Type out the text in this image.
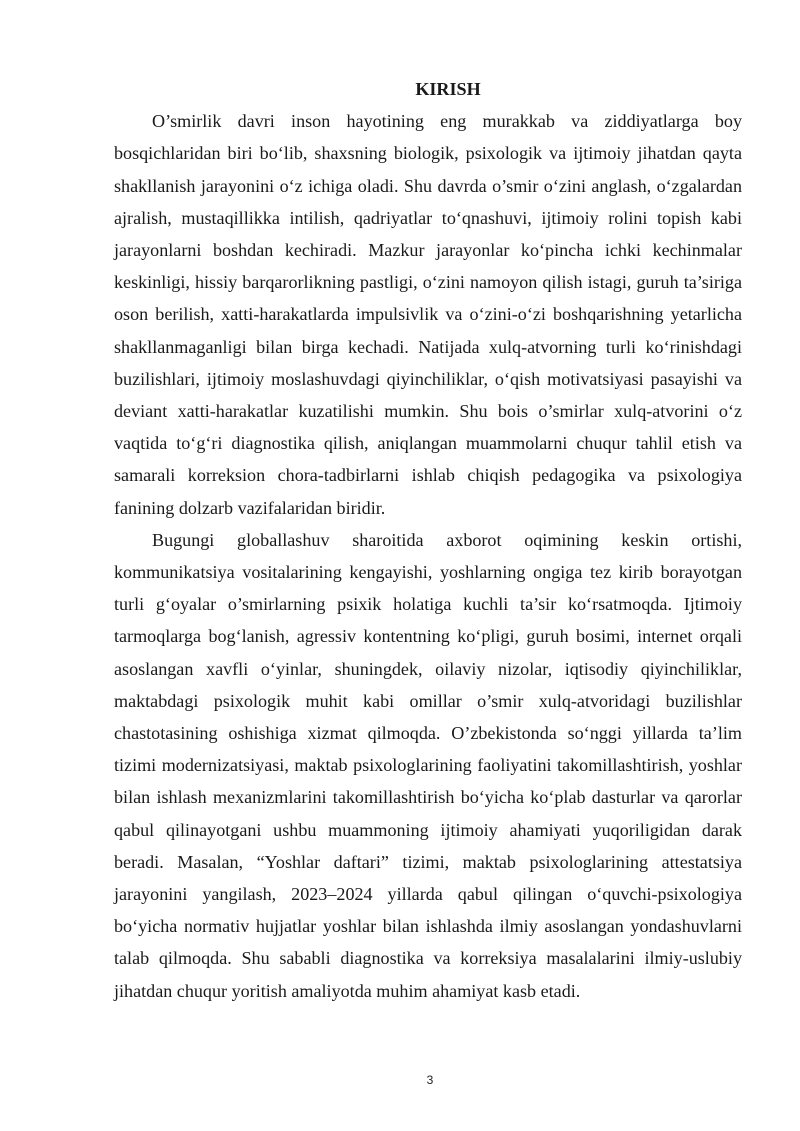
KIRISH

O’smirlik davri inson hayotining eng murakkab va ziddiyatlarga boy bosqichlaridan biri bo‘lib, shaxsning biologik, psixologik va ijtimoiy jihatdan qayta shakllanish jarayonini o‘z ichiga oladi. Shu davrda o’smir o‘zini anglash, o‘zgalardan ajralish, mustaqillikka intilish, qadriyatlar to‘qnashuvi, ijtimoiy rolini topish kabi jarayonlarni boshdan kechiradi. Mazkur jarayonlar ko‘pincha ichki kechinmalar keskinligi, hissiy barqarorlikning pastligi, o‘zini namoyon qilish istagi, guruh ta’siriga oson berilish, xatti-harakatlarda impulsivlik va o‘zini-o‘zi boshqarishning yetarlicha shakllanmaganligi bilan birga kechadi. Natijada xulq-atvorning turli ko‘rinishdagi buzilishlari, ijtimoiy moslashuvdagi qiyinchiliklar, o‘qish motivatsiyasi pasayishi va deviant xatti-harakatlar kuzatilishi mumkin. Shu bois o’smirlar xulq-atvorini o‘z vaqtida to‘g‘ri diagnostika qilish, aniqlangan muammolarni chuqur tahlil etish va samarali korreksion chora-tadbirlarni ishlab chiqish pedagogika va psixologiya fanining dolzarb vazifalaridan biridir.

Bugungi globallashuv sharoitida axborot oqimining keskin ortishi, kommunikatsiya vositalarining kengayishi, yoshlarning ongiga tez kirib borayotgan turli g‘oyalar o’smirlarning psixik holatiga kuchli ta’sir ko‘rsatmoqda. Ijtimoiy tarmoqlarga bog‘lanish, agressiv kontentning ko‘pligi, guruh bosimi, internet orqali asoslangan xavfli o‘yinlar, shuningdek, oilaviy nizolar, iqtisodiy qiyinchiliklar, maktabdagi psixologik muhit kabi omillar o’smir xulq-atvoridagi buzilishlar chastotasining oshishiga xizmat qilmoqda. O’zbekistonda so‘nggi yillarda ta’lim tizimi modernizatsiyasi, maktab psixologlarining faoliyatini takomillashtirish, yoshlar bilan ishlash mexanizmlarini takomillashtirish bo‘yicha ko‘plab dasturlar va qarorlar qabul qilinayotgani ushbu muammoning ijtimoiy ahamiyati yuqoriligidan darak beradi. Masalan, “Yoshlar daftari” tizimi, maktab psixologlarining attestatsiya jarayonini yangilash, 2023–2024 yillarda qabul qilingan o‘quvchi-psixologiya bo‘yicha normativ hujjatlar yoshlar bilan ishlashda ilmiy asoslangan yondashuvlarni talab qilmoqda. Shu sababli diagnostika va korreksiya masalalarini ilmiy-uslubiy jihatdan chuqur yoritish amaliyotda muhim ahamiyat kasb etadi.

3
